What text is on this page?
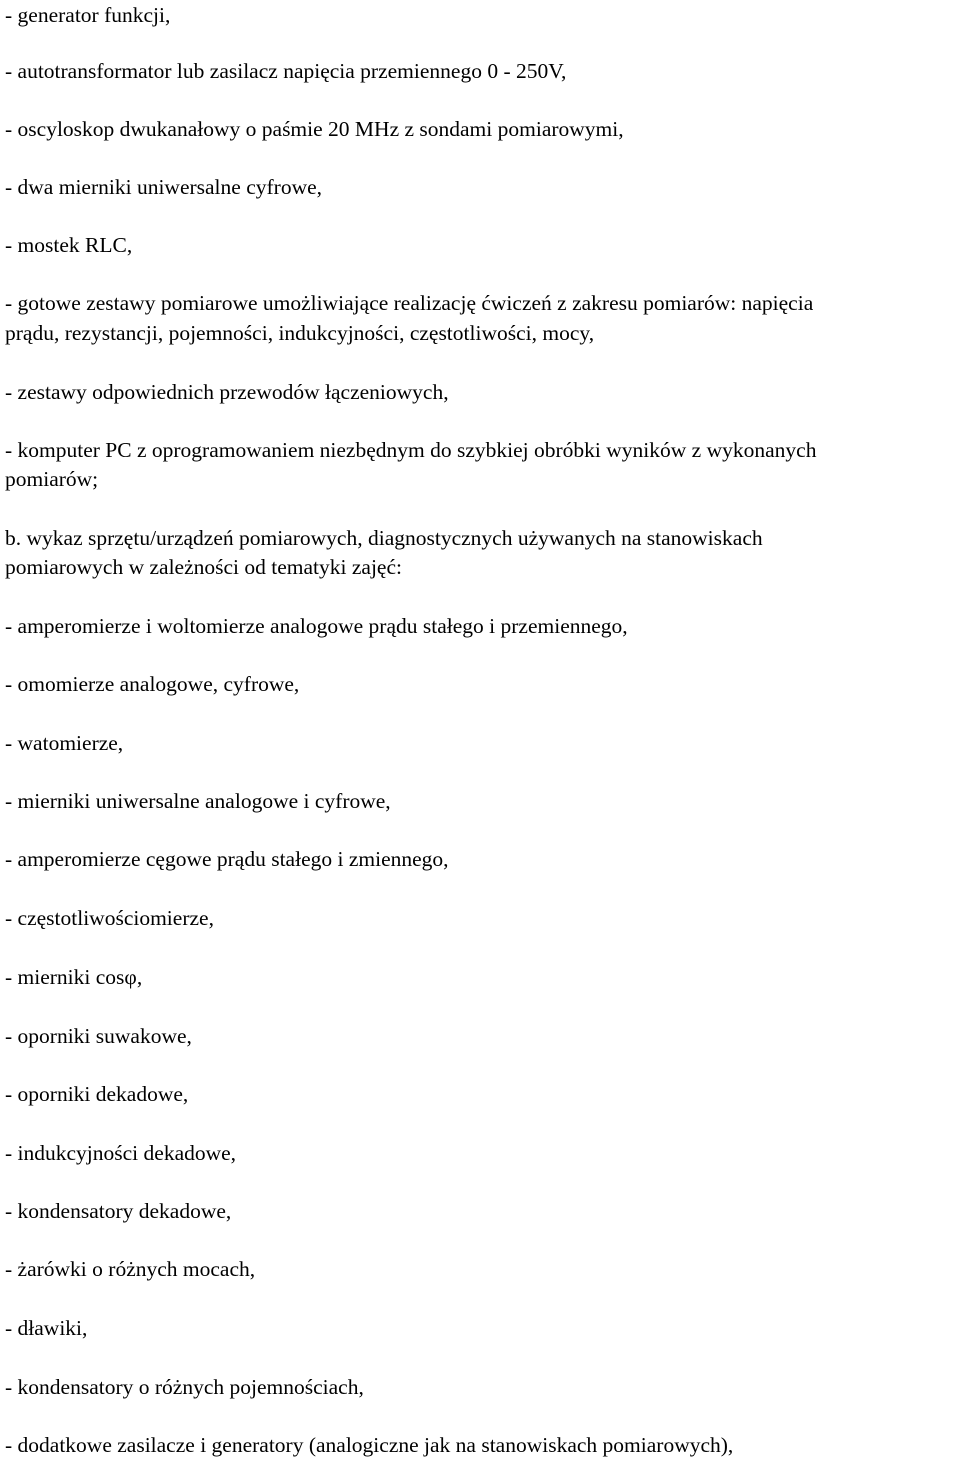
- generator funkcji,

- autotransformator lub zasilacz napięcia przemiennego 0 - 250V,

- oscyloskop dwukanałowy o paśmie 20 MHz z sondami pomiarowymi,

- dwa mierniki uniwersalne cyfrowe,

- mostek RLC,

- gotowe zestawy pomiarowe umożliwiające realizację ćwiczeń z zakresu pomiarów: napięcia

prądu, rezystancji, pojemności, indukcyjności, częstotliwości, mocy,

- zestawy odpowiednich przewodów łączeniowych,

- komputer PC z oprogramowaniem niezbędnym do szybkiej obróbki wyników z wykonanych

pomiarów;

b. wykaz sprzętu/urządzeń pomiarowych, diagnostycznych używanych na stanowiskach

pomiarowych w zależności od tematyki zajęć:

- amperomierze i woltomierze analogowe prądu stałego i przemiennego,

- omomierze analogowe, cyfrowe,

- watomierze,

- mierniki uniwersalne analogowe i cyfrowe,

- amperomierze cęgowe prądu stałego i zmiennego,

- częstotliwościomierze,

- mierniki cosφ,

- oporniki suwakowe,

- oporniki dekadowe,

- indukcyjności dekadowe,

- kondensatory dekadowe,

- żarówki o różnych mocach,

- dławiki,

- kondensatory o różnych pojemnościach,

- dodatkowe zasilacze i generatory (analogiczne jak na stanowiskach pomiarowych),
